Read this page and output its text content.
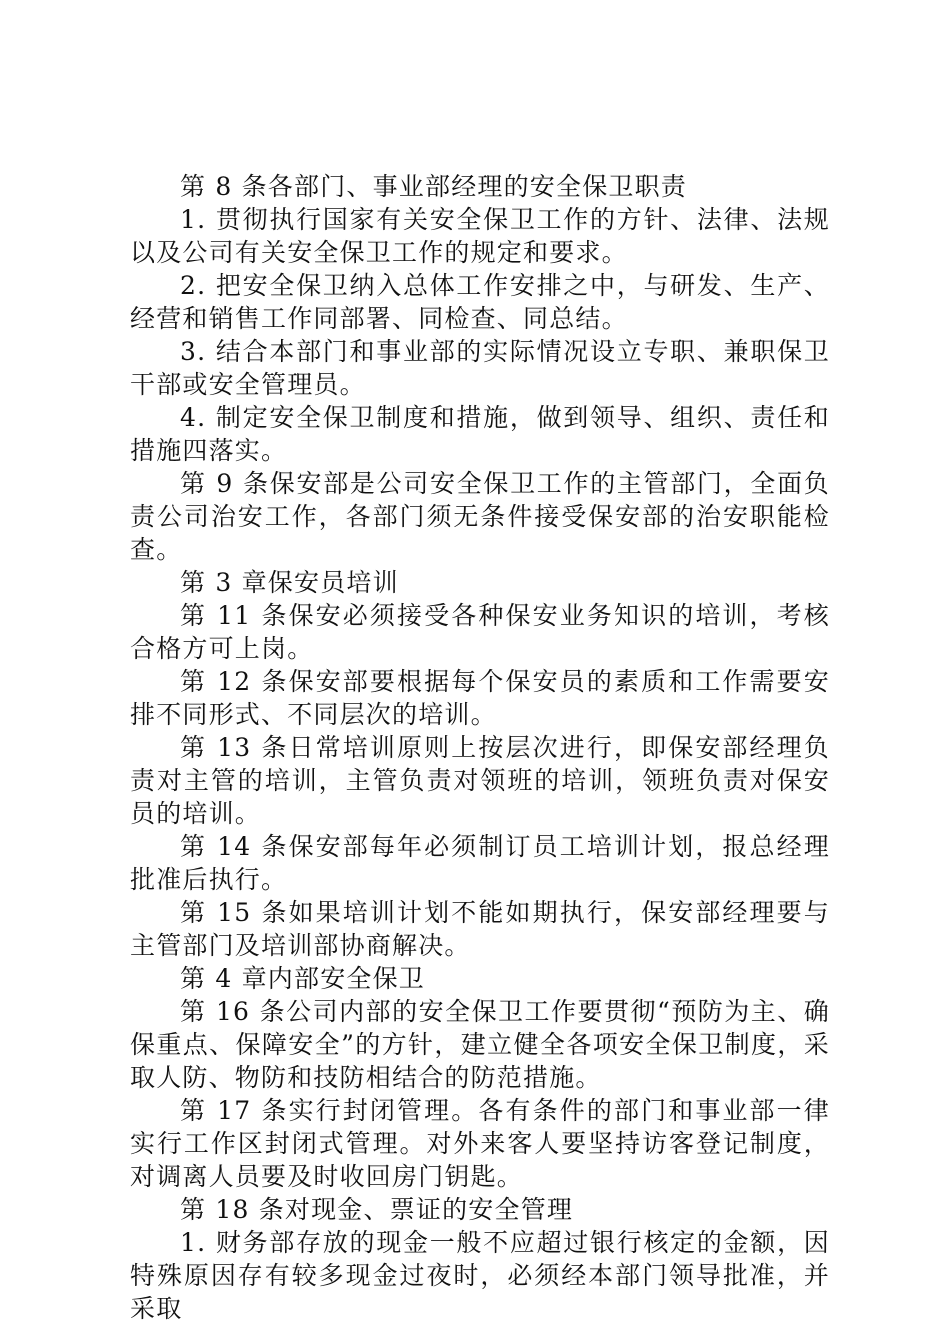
第 8 条各部门、事业部经理的安全保卫职责

1. 贯彻执行国家有关安全保卫工作的方针、法律、法规以及公司有关安全保卫工作的规定和要求。

2. 把安全保卫纳入总体工作安排之中，与研发、生产、经营和销售工作同部署、同检查、同总结。

3. 结合本部门和事业部的实际情况设立专职、兼职保卫干部或安全管理员。

4. 制定安全保卫制度和措施，做到领导、组织、责任和措施四落实。

第 9 条保安部是公司安全保卫工作的主管部门，全面负责公司治安工作，各部门须无条件接受保安部的治安职能检查。

第 3 章保安员培训

第 11 条保安必须接受各种保安业务知识的培训，考核合格方可上岗。

第 12 条保安部要根据每个保安员的素质和工作需要安排不同形式、不同层次的培训。

第 13 条日常培训原则上按层次进行，即保安部经理负责对主管的培训，主管负责对领班的培训，领班负责对保安员的培训。

第 14 条保安部每年必须制订员工培训计划，报总经理批准后执行。

第 15 条如果培训计划不能如期执行，保安部经理要与主管部门及培训部协商解决。

第 4 章内部安全保卫

第 16 条公司内部的安全保卫工作要贯彻“预防为主、确保重点、保障安全”的方针，建立健全各项安全保卫制度，采取人防、物防和技防相结合的防范措施。

第 17 条实行封闭管理。各有条件的部门和事业部一律实行工作区封闭式管理。对外来客人要坚持访客登记制度，对调离人员要及时收回房门钥匙。

第 18 条对现金、票证的安全管理

1. 财务部存放的现金一般不应超过银行核定的金额，因特殊原因存有较多现金过夜时，必须经本部门领导批准，并采取
